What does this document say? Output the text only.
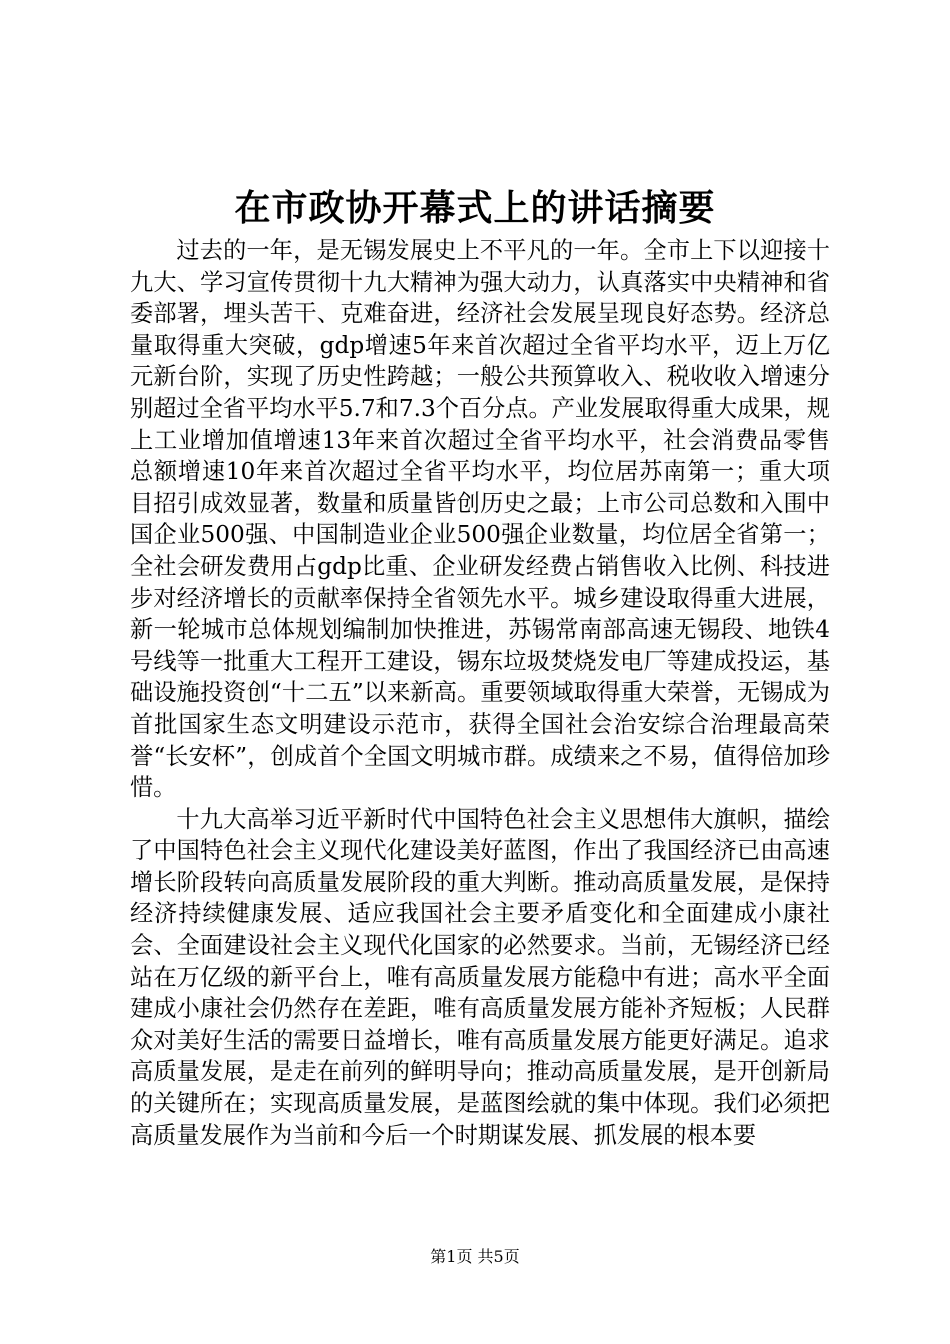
在市政协开幕式上的讲话摘要

过去的一年，是无锡发展史上不平凡的一年。全市上下以迎接十九大、学习宣传贯彻十九大精神为强大动力，认真落实中央精神和省委部署，埋头苦干、克难奋进，经济社会发展呈现良好态势。经济总量取得重大突破，gdp增速5年来首次超过全省平均水平，迈上万亿元新台阶，实现了历史性跨越；一般公共预算收入、税收收入增速分别超过全省平均水平5.7和7.3个百分点。产业发展取得重大成果，规上工业增加值增速13年来首次超过全省平均水平，社会消费品零售总额增速10年来首次超过全省平均水平，均位居苏南第一；重大项目招引成效显著，数量和质量皆创历史之最；上市公司总数和入围中国企业500强、中国制造业企业500强企业数量，均位居全省第一；全社会研发费用占gdp比重、企业研发经费占销售收入比例、科技进步对经济增长的贡献率保持全省领先水平。城乡建设取得重大进展，新一轮城市总体规划编制加快推进，苏锡常南部高速无锡段、地铁4号线等一批重大工程开工建设，锡东垃圾焚烧发电厂等建成投运，基础设施投资创“十二五”以来新高。重要领域取得重大荣誉，无锡成为首批国家生态文明建设示范市，获得全国社会治安综合治理最高荣誉“长安杯”，创成首个全国文明城市群。成绩来之不易，值得倍加珍惜。

十九大高举习近平新时代中国特色社会主义思想伟大旗帜，描绘了中国特色社会主义现代化建设美好蓝图，作出了我国经济已由高速增长阶段转向高质量发展阶段的重大判断。推动高质量发展，是保持经济持续健康发展、适应我国社会主要矛盾变化和全面建成小康社会、全面建设社会主义现代化国家的必然要求。当前，无锡经济已经站在万亿级的新平台上，唯有高质量发展方能稳中有进；高水平全面建成小康社会仍然存在差距，唯有高质量发展方能补齐短板；人民群众对美好生活的需要日益增长，唯有高质量发展方能更好满足。追求高质量发展，是走在前列的鲜明导向；推动高质量发展，是开创新局的关键所在；实现高质量发展，是蓝图绘就的集中体现。我们必须把高质量发展作为当前和今后一个时期谋发展、抓发展的根本要

第1页 共5页
